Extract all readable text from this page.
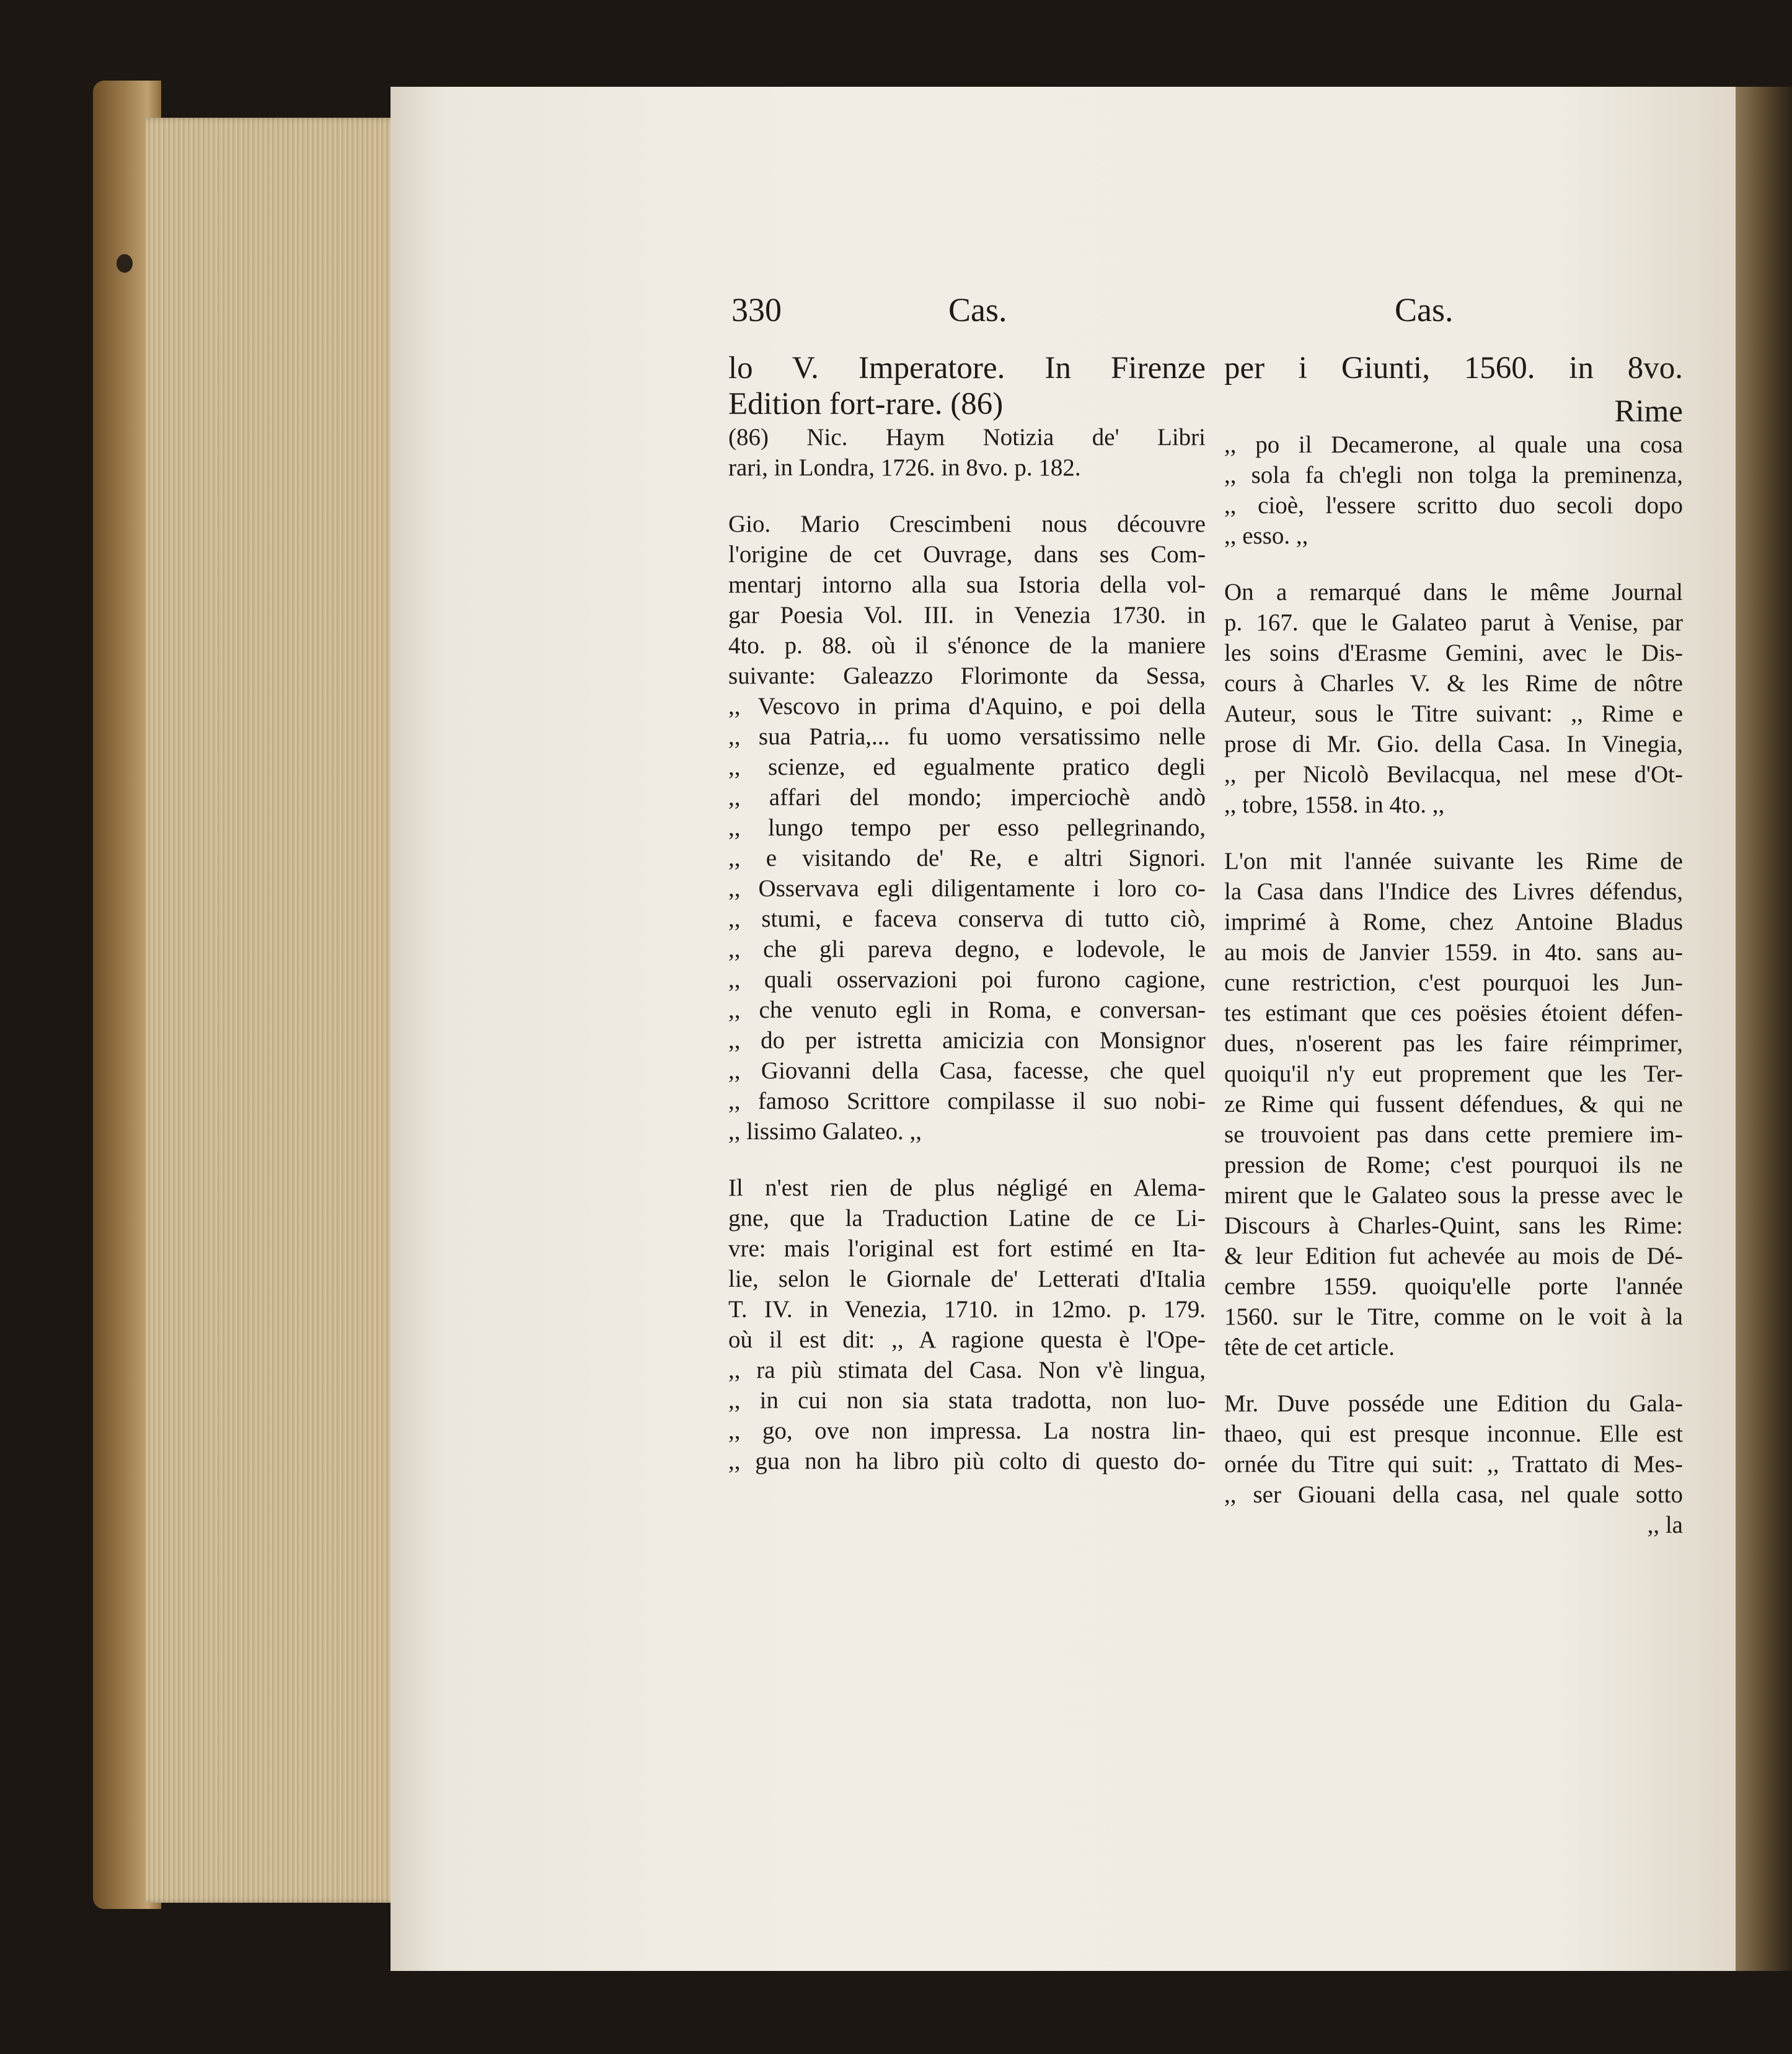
330	Cas.	Cas.

lo V. Imperatore. In Firenze

Edition fort-rare. (86)

(86) Nic. Haym Notizia de' Libri

rari, in Londra, 1726. in 8vo. p. 182.

Gio. Mario Crescimbeni nous découvre

l'origine de cet Ouvrage, dans ses Com-

mentarj intorno alla sua Istoria della vol-

gar Poesia Vol. III. in Venezia 1730. in

4to. p. 88. où il s'énonce de la maniere

suivante: Galeazzo Florimonte da Sessa,

,, Vescovo in prima d'Aquino, e poi della

,, sua Patria,... fu uomo versatissimo nelle

,, scienze, ed egualmente pratico degli

,, affari del mondo; imperciochè andò

,, lungo tempo per esso pellegrinando,

,, e visitando de' Re, e altri Signori.

,, Osservava egli diligentamente i loro co-

,, stumi, e faceva conserva di tutto ciò,

,, che gli pareva degno, e lodevole, le

,, quali osservazioni poi furono cagione,

,, che venuto egli in Roma, e conversan-

,, do per istretta amicizia con Monsignor

,, Giovanni della Casa, facesse, che quel

,, famoso Scrittore compilasse il suo nobi-

,, lissimo Galateo. ,,

Il n'est rien de plus négligé en Alema-

gne, que la Traduction Latine de ce Li-

vre: mais l'original est fort estimé en Ita-

lie, selon le Giornale de' Letterati d'Italia

T. IV. in Venezia, 1710. in 12mo. p. 179.

où il est dit: ,, A ragione questa è l'Ope-

,, ra più stimata del Casa. Non v'è lingua,

,, in cui non sia stata tradotta, non luo-

,, go, ove non impressa. La nostra lin-

,, gua non ha libro più colto di questo do-

per i Giunti, 1560. in 8vo.

Rime

,, po il Decamerone, al quale una cosa

,, sola fa ch'egli non tolga la preminenza,

,, cioè, l'essere scritto duo secoli dopo

,, esso. ,,

On a remarqué dans le même Journal

p. 167. que le Galateo parut à Venise, par

les soins d'Erasme Gemini, avec le Dis-

cours à Charles V. & les Rime de nôtre

Auteur, sous le Titre suivant: ,, Rime e

prose di Mr. Gio. della Casa. In Vinegia,

,, per Nicolò Bevilacqua, nel mese d'Ot-

,, tobre, 1558. in 4to. ,,

L'on mit l'année suivante les Rime de

la Casa dans l'Indice des Livres défendus,

imprimé à Rome, chez Antoine Bladus

au mois de Janvier 1559. in 4to. sans au-

cune restriction, c'est pourquoi les Jun-

tes estimant que ces poësies étoient défen-

dues, n'oserent pas les faire réimprimer,

quoiqu'il n'y eut proprement que les Ter-

ze Rime qui fussent défendues, & qui ne

se trouvoient pas dans cette premiere im-

pression de Rome; c'est pourquoi ils ne

mirent que le Galateo sous la presse avec le

Discours à Charles-Quint, sans les Rime:

& leur Edition fut achevée au mois de Dé-

cembre 1559. quoiqu'elle porte l'année

1560. sur le Titre, comme on le voit à la

tête de cet article.

Mr. Duve posséde une Edition du Gala-

thaeo, qui est presque inconnue. Elle est

ornée du Titre qui suit: ,, Trattato di Mes-

,, ser Giouani della casa, nel quale sotto

,, la
